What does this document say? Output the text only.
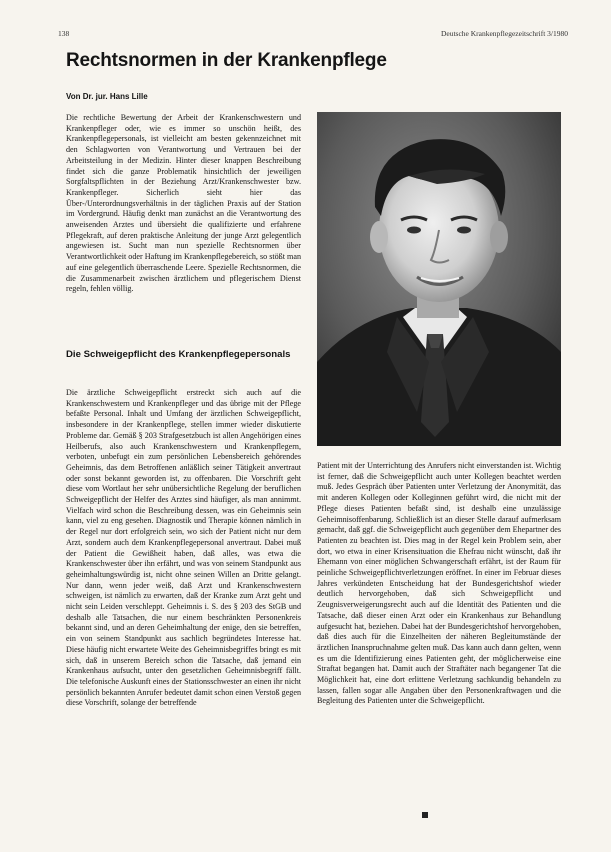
138	Deutsche Krankenpflegezeitschrift 3/1980
Rechtsnormen in der Krankenpflege
Von Dr. jur. Hans Lille

Die rechtliche Bewertung der Arbeit der Krankenschwestern und Krankenpfleger oder, wie es immer so unschön heißt, des Krankenpflegepersonals, ist vielleicht am besten gekennzeichnet mit den Schlagworten von Verantwortung und Vertrauen bei der Arbeitsteilung in der Medizin. Hinter dieser knappen Beschreibung findet sich die ganze Problematik hinsichtlich der jeweiligen Sorgfaltspflichten in der Beziehung Arzt/Krankenschwester bzw. Krankenpfleger. Sicherlich sieht hier das Über-/Unterordnungsverhältnis in der täglichen Praxis auf der Station im Vordergrund. Häufig denkt man zunächst an die Verantwortung des anweisenden Arztes und übersieht die qualifizierte und erfahrene Pflegekraft, auf deren praktische Anleitung der junge Arzt gelegentlich angewiesen ist. Sucht man nun spezielle Rechtsnormen über Verantwortlichkeit oder Haftung im Krankenpflegebereich, so stößt man auf eine gelegentlich überraschende Leere. Spezielle Rechtsnormen, die die Zusammenarbeit zwischen ärztlichem und pflegerischem Dienst regeln, fehlen völlig.

Die Schweigepflicht des Krankenpflegepersonals

Die ärztliche Schweigepflicht erstreckt sich auch auf die Krankenschwestern und Krankenpfleger und das übrige mit der Pflege befaßte Personal. Inhalt und Umfang der ärztlichen Schweigepflicht, insbesondere in der Krankenpflege, stellen immer wieder diskutierte Probleme dar. Gemäß § 203 Strafgesetzbuch ist allen Angehörigen eines Heilberufs, also auch Krankenschwestern und Krankenpflegern, verboten, unbefugt ein zum persönlichen Lebensbereich gehörendes Geheimnis, das dem Betroffenen anläßlich seiner Tätigkeit anvertraut oder sonst bekannt geworden ist, zu offenbaren. Die Vorschrift geht diese vom Wortlaut her sehr unübersichtliche Regelung der beruflichen Schweigepflicht der Helfer des Arztes sind häufiger, als man annimmt. Vielfach wird schon die Beschreibung dessen, was ein Geheimnis sein kann, viel zu eng gesehen. Diagnostik und Therapie können nämlich in der Regel nur dort erfolgreich sein, wo sich der Patient nicht nur dem Arzt, sondern auch dem Krankenpflegepersonal anvertraut. Dabei muß der Patient die Gewißheit haben, daß alles, was etwa die Krankenschwester über ihn erfährt, und was von seinem Standpunkt aus geheimhaltungswürdig ist, nicht ohne seinen Willen an Dritte gelangt. Nur dann, wenn jeder weiß, daß Arzt und Krankenschwestern schweigen, ist nämlich zu erwarten, daß der Kranke zum Arzt geht und nicht sein Leiden verschleppt. Geheimnis i. S. des § 203 des StGB und deshalb alle Tatsachen, die nur einem beschränkten Personenkreis bekannt sind, und an deren Geheimhaltung der enige, den sie betreffen, ein von seinem Standpunkt aus sachlich begründetes Interesse hat. Diese häufig nicht erwartete Weite des Geheimnisbegriffes bringt es mit sich, daß in unserem Bereich schon die Tatsache, daß jemand ein Krankenhaus aufsucht, unter den gesetzlichen Geheimnisbegriff fällt. Die telefonische Auskunft eines der Stationsschwester an einen ihr nicht persönlich bekannten Anrufer bedeutet damit schon einen Verstoß gegen diese Vorschrift, solange der betreffende

Patient mit der Unterrichtung des Anrufers nicht einverstanden ist. Wichtig ist ferner, daß die Schweigepflicht auch unter Kollegen beachtet werden muß. Jedes Gespräch über Patienten unter Verletzung der Anonymität, das mit anderen Kollegen oder Kolleginnen geführt wird, die nicht mit der Pflege dieses Patienten befaßt sind, ist deshalb eine unzulässige Geheimnisoffenbarung. Schließlich ist an dieser Stelle darauf aufmerksam gemacht, daß ggf. die Schweigepflicht auch gegenüber dem Ehepartner des Patienten zu beachten ist. Dies mag in der Regel kein Problem sein, aber dort, wo etwa in einer Krisensituation die Ehefrau nicht wünscht, daß ihr Ehemann von einer möglichen Schwangerschaft erfährt, ist der Raum für peinliche Schweigepflichtverletzungen eröffnet. In einer im Februar dieses Jahres verkündeten Entscheidung hat der Bundesgerichtshof wieder deutlich hervorgehoben, daß sich Schweigepflicht und Zeugnisverweigerungsrecht auch auf die Identität des Patienten und die Tatsache, daß dieser einen Arzt oder ein Krankenhaus zur Behandlung aufgesucht hat, beziehen. Dabei hat der Bundesgerichtshof hervorgehoben, daß dies auch für die Einzelheiten der näheren Begleitumstände der ärztlichen Inanspruchnahme gelten muß. Das kann auch dann gelten, wenn es um die Identifizierung eines Patienten geht, der möglicherweise eine Straftat begangen hat. Damit auch der Straftäter nach begangener Tat die Möglichkeit hat, eine dort erlittene Verletzung sachkundig behandeln zu lassen, fallen sogar alle Angaben über den Personenkraftwagen und die Begleitung des Patienten unter die Schweigepflicht.
